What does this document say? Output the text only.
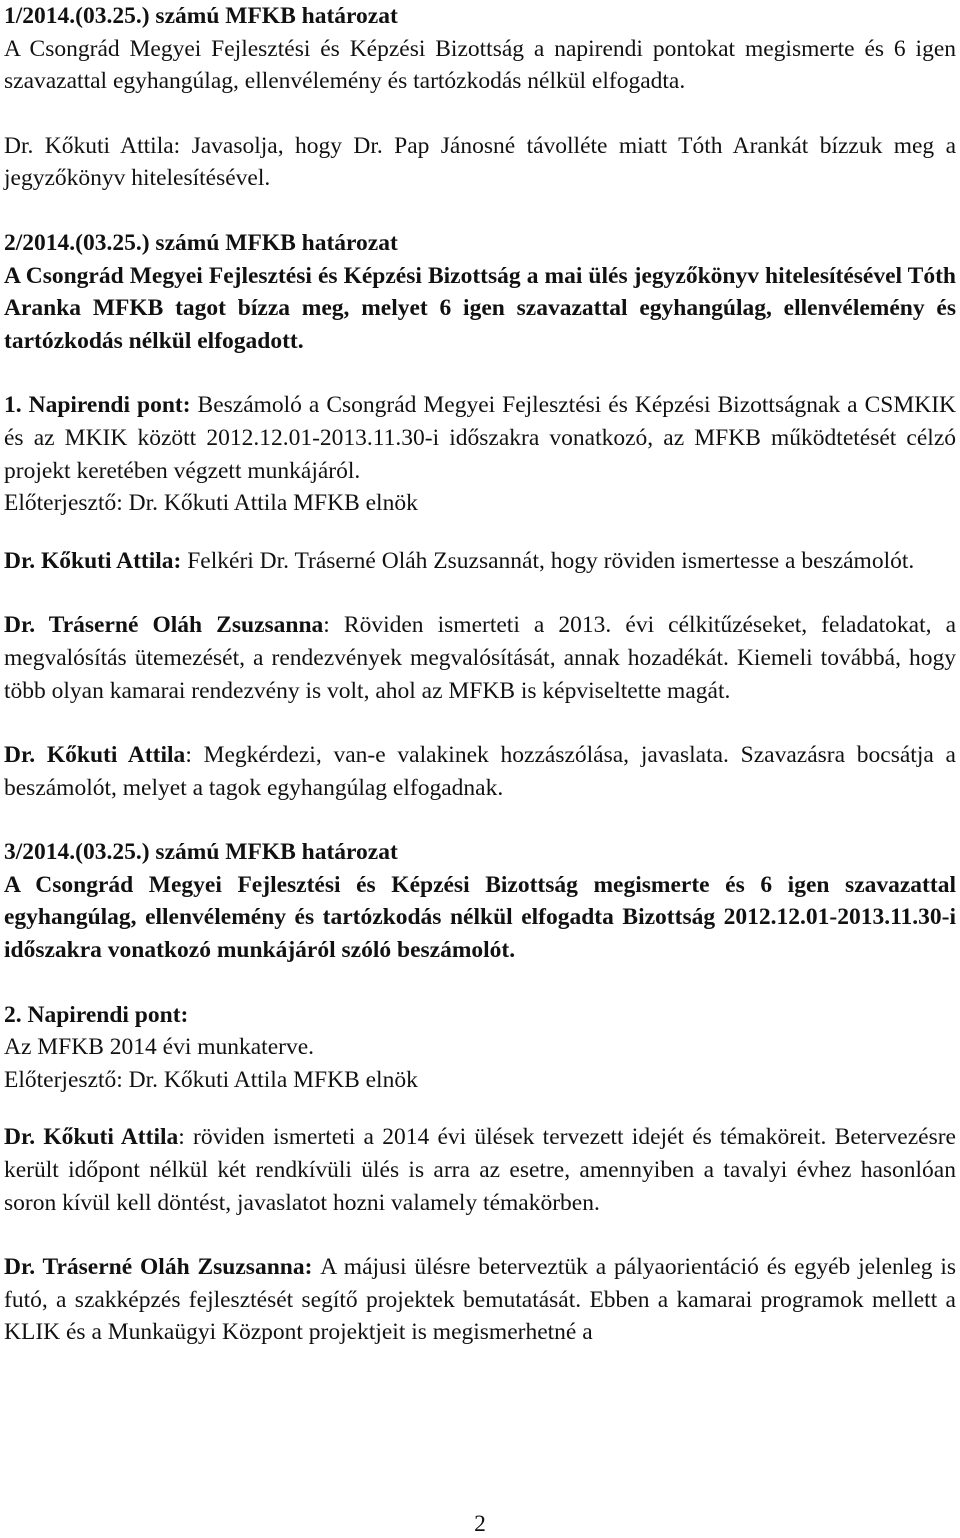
1/2014.(03.25.) számú MFKB határozat

A Csongrád Megyei Fejlesztési és Képzési Bizottság a napirendi pontokat megismerte és 6 igen szavazattal egyhangúlag, ellenvélemény és tartózkodás nélkül elfogadta.

Dr. Kőkuti Attila: Javasolja, hogy Dr. Pap Jánosné távolléte miatt Tóth Arankát bízzuk meg a jegyzőkönyv hitelesítésével.

2/2014.(03.25.) számú MFKB határozat

A Csongrád Megyei Fejlesztési és Képzési Bizottság a mai ülés jegyzőkönyv hitelesítésével Tóth Aranka MFKB tagot bízza meg, melyet 6 igen szavazattal egyhangúlag, ellenvélemény és tartózkodás nélkül elfogadott.

1. Napirendi pont: Beszámoló a Csongrád Megyei Fejlesztési és Képzési Bizottságnak a CSMKIK és az MKIK között 2012.12.01-2013.11.30-i időszakra vonatkozó, az MFKB működtetését célzó projekt keretében végzett munkájáról.

Előterjesztő: Dr. Kőkuti Attila MFKB elnök

Dr. Kőkuti Attila: Felkéri Dr. Tráserné Oláh Zsuzsannát, hogy röviden ismertesse a beszámolót.

Dr. Tráserné Oláh Zsuzsanna: Röviden ismerteti a 2013. évi célkitűzéseket, feladatokat, a megvalósítás ütemezését, a rendezvények megvalósítását, annak hozadékát. Kiemeli továbbá, hogy több olyan kamarai rendezvény is volt, ahol az MFKB is képviseltette magát.

Dr. Kőkuti Attila: Megkérdezi, van-e valakinek hozzászólása, javaslata. Szavazásra bocsátja a beszámolót, melyet a tagok egyhangúlag elfogadnak.

3/2014.(03.25.) számú MFKB határozat

A Csongrád Megyei Fejlesztési és Képzési Bizottság megismerte és 6 igen szavazattal egyhangúlag, ellenvélemény és tartózkodás nélkül elfogadta Bizottság 2012.12.01-2013.11.30-i időszakra vonatkozó munkájáról szóló beszámolót.

2. Napirendi pont:

Az MFKB 2014 évi munkaterve.

Előterjesztő: Dr. Kőkuti Attila MFKB elnök

Dr. Kőkuti Attila: röviden ismerteti a 2014 évi ülések tervezett idejét és témaköreit. Betervezésre került időpont nélkül két rendkívüli ülés is arra az esetre, amennyiben a tavalyi évhez hasonlóan soron kívül kell döntést, javaslatot hozni valamely témakörben.

Dr. Tráserné Oláh Zsuzsanna: A májusi ülésre beterveztük a pályaorientáció és egyéb jelenleg is futó, a szakképzés fejlesztését segítő projektek bemutatását. Ebben a kamarai programok mellett a KLIK és a Munkaügyi Központ projektjeit is megismerhetné a

2
